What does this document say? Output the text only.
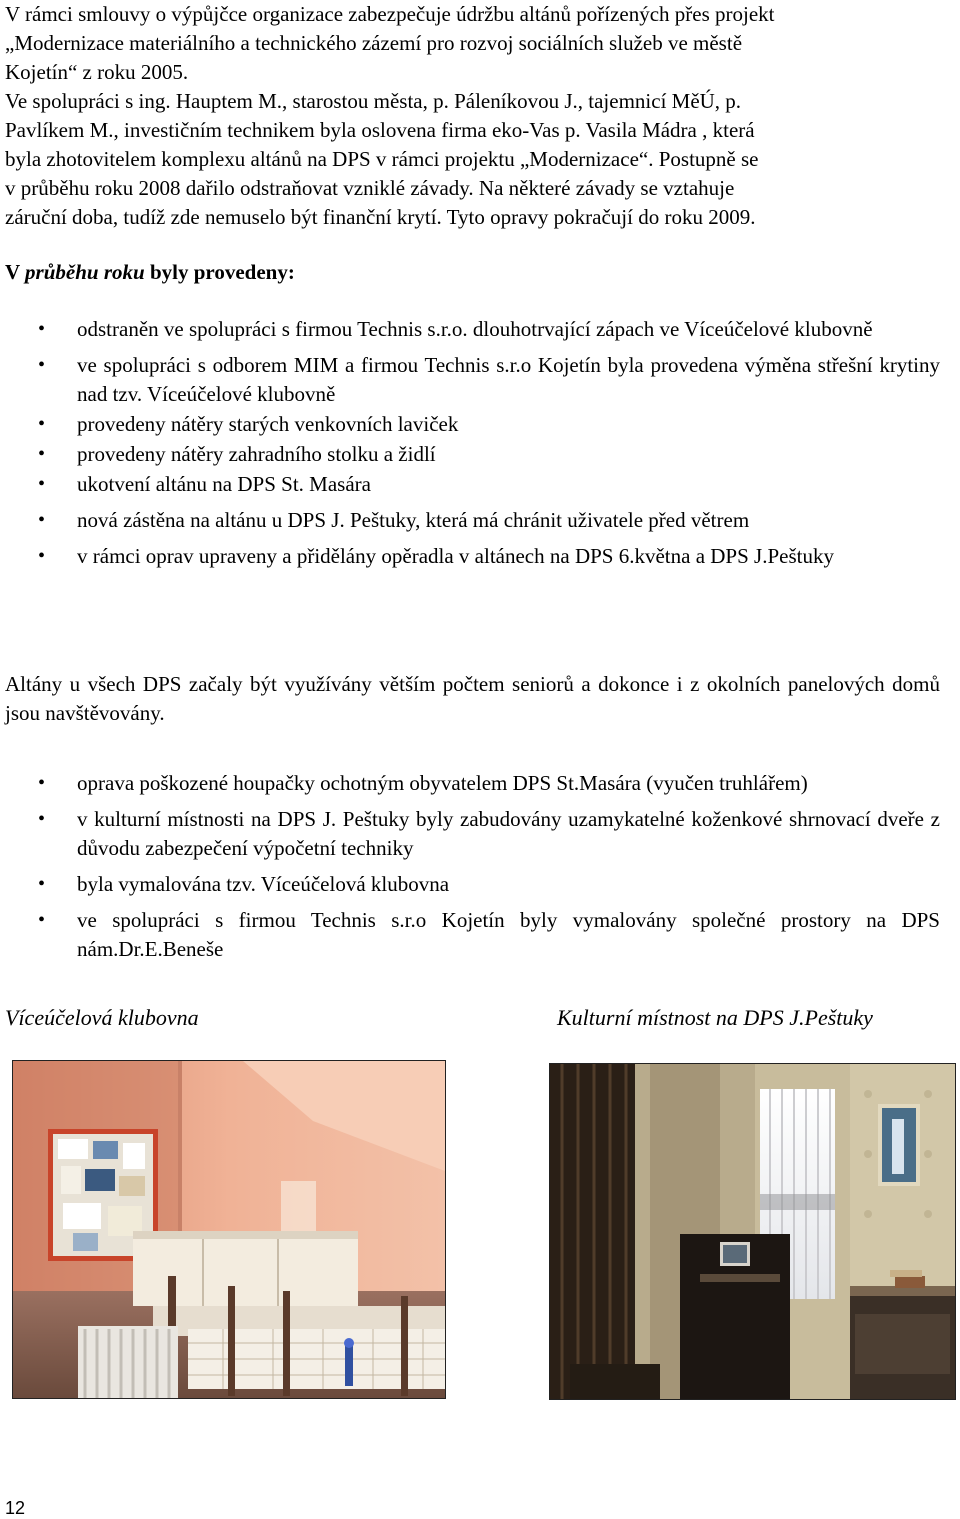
V rámci smlouvy o výpůjčce organizace zabezpečuje údržbu altánů pořízených přes projekt
„Modernizace materiálního a technického zázemí pro rozvoj sociálních služeb ve městě
Kojetín“ z roku 2005.
Ve spolupráci s ing. Hauptem M., starostou města, p. Páleníkovou J., tajemnicí MěÚ, p.
Pavlíkem M., investičním technikem byla oslovena firma eko-Vas p. Vasila Mádra , která
byla zhotovitelem komplexu altánů na DPS v rámci projektu „Modernizace“. Postupně se
v průběhu roku 2008 dařilo odstraňovat vzniklé závady. Na některé závady se vztahuje
záruční doba, tudíž zde nemuselo být finanční krytí. Tyto opravy pokračují do roku 2009.
V průběhu roku byly provedeny:
• odstraněn ve spolupráci s firmou Technis s.r.o. dlouhotrvající zápach ve Víceúčelové klubovně
• ve spolupráci s odborem MIM a firmou Technis s.r.o Kojetín byla provedena výměna střešní krytiny nad tzv. Víceúčelové klubovně
• provedeny nátěry starých venkovních laviček
• provedeny nátěry zahradního stolku a židlí
• ukotvení altánu na DPS St. Masára
• nová zástěna na altánu u DPS J. Peštuky, která má chránit uživatele před větrem
• v rámci oprav upraveny a přidělány opěradla v altánech na DPS 6.května a DPS J.Peštuky
Altány u všech DPS začaly být využívány větším počtem seniorů a dokonce i z okolních panelových domů jsou navštěvovány.
• oprava poškozené houpačky ochotným obyvatelem DPS St.Masára (vyučen truhlářem)
• v kulturní místnosti na DPS J. Peštuky byly zabudovány uzamykatelné koženkové shrnovací dveře z důvodu zabezpečení výpočetní techniky
• byla vymalována tzv. Víceúčelová klubovna
• ve spolupráci s firmou Technis s.r.o Kojetín byly vymalovány společné prostory na DPS nám.Dr.E.Beneše
Víceúčelová klubovna	Kulturní místnost na DPS J.Peštuky
12
